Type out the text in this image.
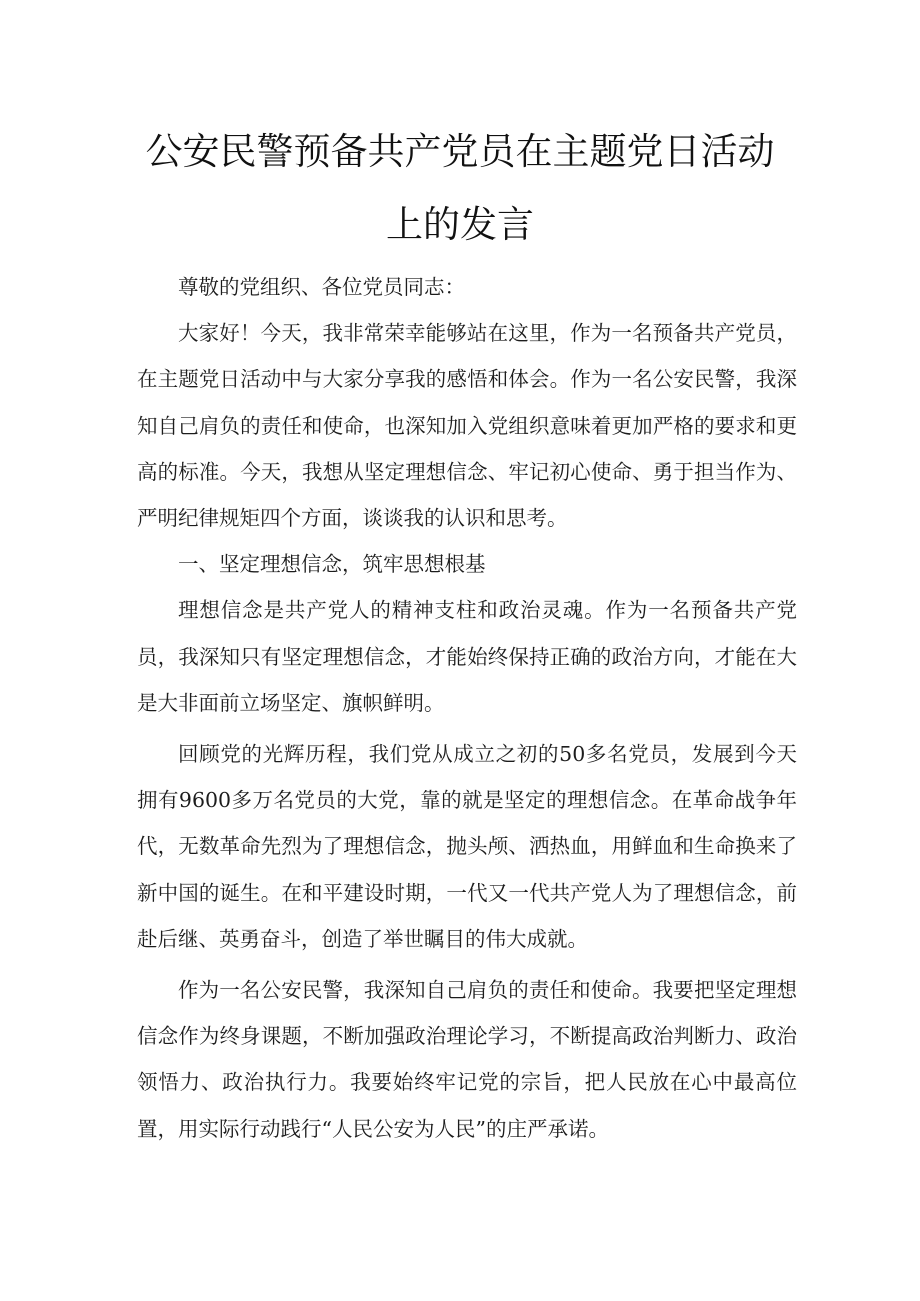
公安民警预备共产党员在主题党日活动
上的发言

尊敬的党组织、各位党员同志：

大家好！今天，我非常荣幸能够站在这里，作为一名预备共产党员，在主题党日活动中与大家分享我的感悟和体会。作为一名公安民警，我深知自己肩负的责任和使命，也深知加入党组织意味着更加严格的要求和更高的标准。今天，我想从坚定理想信念、牢记初心使命、勇于担当作为、严明纪律规矩四个方面，谈谈我的认识和思考。

一、坚定理想信念，筑牢思想根基

理想信念是共产党人的精神支柱和政治灵魂。作为一名预备共产党员，我深知只有坚定理想信念，才能始终保持正确的政治方向，才能在大是大非面前立场坚定、旗帜鲜明。

回顾党的光辉历程，我们党从成立之初的50多名党员，发展到今天拥有9600多万名党员的大党，靠的就是坚定的理想信念。在革命战争年代，无数革命先烈为了理想信念，抛头颅、洒热血，用鲜血和生命换来了新中国的诞生。在和平建设时期，一代又一代共产党人为了理想信念，前赴后继、英勇奋斗，创造了举世瞩目的伟大成就。

作为一名公安民警，我深知自己肩负的责任和使命。我要把坚定理想信念作为终身课题，不断加强政治理论学习，不断提高政治判断力、政治领悟力、政治执行力。我要始终牢记党的宗旨，把人民放在心中最高位置，用实际行动践行“人民公安为人民”的庄严承诺。
